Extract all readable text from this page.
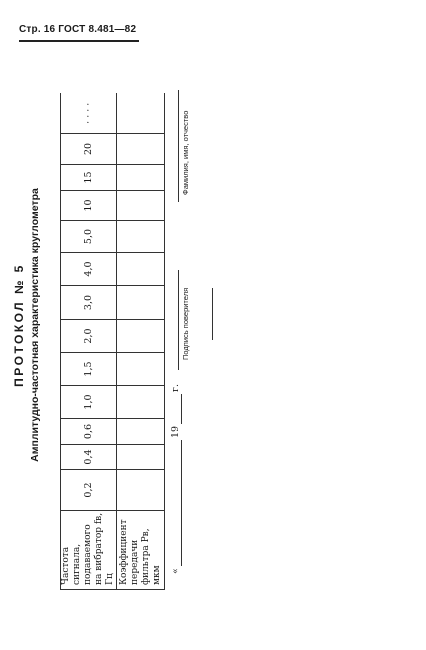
Стр. 16 ГОСТ 8.481—82
ПРОТОКОЛ № 5 Амплитудно-частотная характеристика круглометра
Частота сигнала, подаваемого на вибратор fв, Гц	0,2	0,4	0,6	1,0	1,5	2,0	3,0	4,0	5,0	10	15	20	· · · ·
Коэффициент передачи фильтра Pв, мкм													«
19
г.
Подпись поверителя
Фамилия, имя, отчество
